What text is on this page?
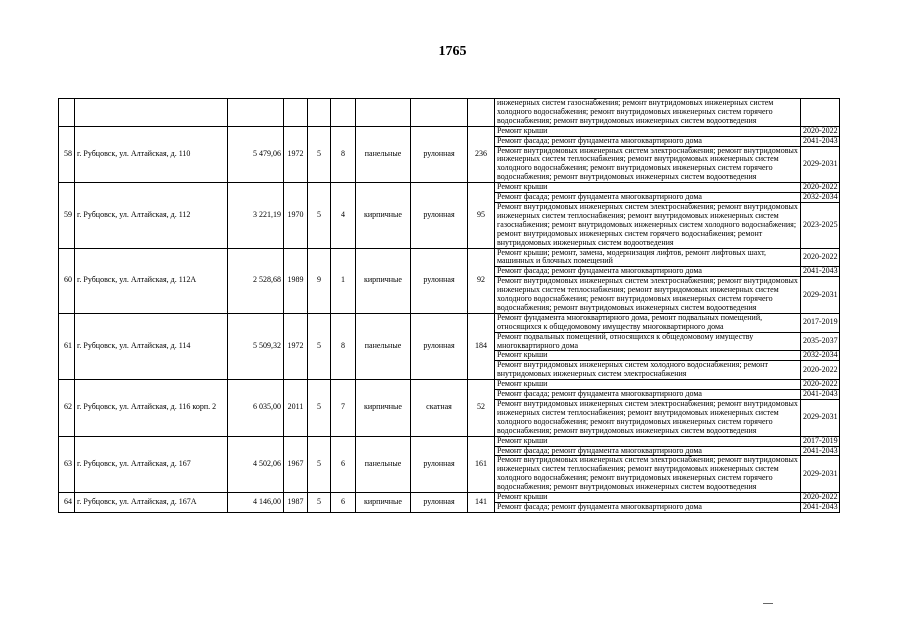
1765
									инженерных систем газоснабжения; ремонт внутридомовых инженерных систем холодного водоснабжения; ремонт внутридомовых инженерных систем горячего водоснабжения; ремонт внутридомовых инженерных систем водоотведения	
58	г. Рубцовск, ул. Алтайская, д. 110	5 479,06	1972	5	8	панельные	рулонная	236	Ремонт крыши	2020-2022
									Ремонт фасада; ремонт фундамента многоквартирного дома	2041-2043
									Ремонт внутридомовых инженерных систем электроснабжения; ремонт внутридомовых инженерных систем теплоснабжения; ремонт внутридомовых инженерных систем холодного водоснабжения; ремонт внутридомовых инженерных систем горячего водоснабжения; ремонт внутридомовых инженерных систем водоотведения	2029-2031
59	г. Рубцовск, ул. Алтайская, д. 112	3 221,19	1970	5	4	кирпичные	рулонная	95	Ремонт крыши	2020-2022
									Ремонт фасада; ремонт фундамента многоквартирного дома	2032-2034
									Ремонт внутридомовых инженерных систем электроснабжения; ремонт внутридомовых инженерных систем теплоснабжения; ремонт внутридомовых инженерных систем газоснабжения; ремонт внутридомовых инженерных систем холодного водоснабжения; ремонт внутридомовых инженерных систем горячего водоснабжения; ремонт внутридомовых инженерных систем водоотведения	2023-2025
60	г. Рубцовск, ул. Алтайская, д. 112А	2 528,68	1989	9	1	кирпичные	рулонная	92	Ремонт крыши; ремонт, замена, модернизация лифтов, ремонт лифтовых шахт, машинных и блочных помещений	2020-2022
									Ремонт фасада; ремонт фундамента многоквартирного дома	2041-2043
									Ремонт внутридомовых инженерных систем электроснабжения; ремонт внутридомовых инженерных систем теплоснабжения; ремонт внутридомовых инженерных систем холодного водоснабжения; ремонт внутридомовых инженерных систем горячего водоснабжения; ремонт внутридомовых инженерных систем водоотведения	2029-2031
61	г. Рубцовск, ул. Алтайская, д. 114	5 509,32	1972	5	8	панельные	рулонная	184	Ремонт фундамента многоквартирного дома, ремонт подвальных помещений, относящихся к общедомовому имуществу многоквартирного дома	2017-2019
									Ремонт подвальных помещений, относящихся к общедомовому имуществу многоквартирного дома	2035-2037
									Ремонт крыши	2032-2034
									Ремонт внутридомовых инженерных систем холодного водоснабжения; ремонт внутридомовых инженерных систем электроснабжения	2020-2022
62	г. Рубцовск, ул. Алтайская, д. 116 корп. 2	6 035,00	2011	5	7	кирпичные	скатная	52	Ремонт крыши	2020-2022
									Ремонт фасада; ремонт фундамента многоквартирного дома	2041-2043
									Ремонт внутридомовых инженерных систем электроснабжения; ремонт внутридомовых инженерных систем теплоснабжения; ремонт внутридомовых инженерных систем холодного водоснабжения; ремонт внутридомовых инженерных систем горячего водоснабжения; ремонт внутридомовых инженерных систем водоотведения	2029-2031
63	г. Рубцовск, ул. Алтайская, д. 167	4 502,06	1967	5	6	панельные	рулонная	161	Ремонт крыши	2017-2019
									Ремонт фасада; ремонт фундамента многоквартирного дома	2041-2043
									Ремонт внутридомовых инженерных систем электроснабжения; ремонт внутридомовых инженерных систем теплоснабжения; ремонт внутридомовых инженерных систем холодного водоснабжения; ремонт внутридомовых инженерных систем горячего водоснабжения; ремонт внутридомовых инженерных систем водоотведения	2029-2031
64	г. Рубцовск, ул. Алтайская, д. 167А	4 146,00	1987	5	6	кирпичные	рулонная	141	Ремонт крыши	2020-2022
									Ремонт фасада; ремонт фундамента многоквартирного дома	2041-2043
